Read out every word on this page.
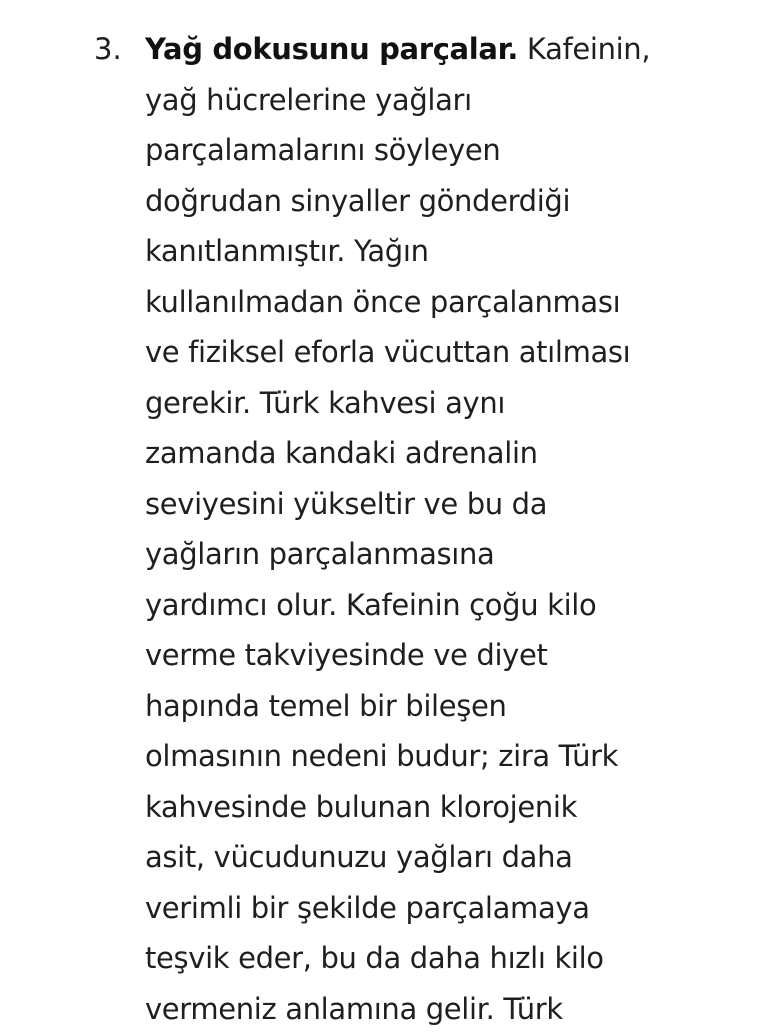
3. Yağ dokusunu parçalar. Kafeinin,
yağ hücrelerine yağları
parçalamalarını söyleyen
doğrudan sinyaller gönderdiği
kanıtlanmıştır. Yağın
kullanılmadan önce parçalanması
ve fiziksel eforla vücuttan atılması
gerekir. Türk kahvesi aynı
zamanda kandaki adrenalin
seviyesini yükseltir ve bu da
yağların parçalanmasına
yardımcı olur. Kafeinin çoğu kilo
verme takviyesinde ve diyet
hapında temel bir bileşen
olmasının nedeni budur; zira Türk
kahvesinde bulunan klorojenik
asit, vücudunuzu yağları daha
verimli bir şekilde parçalamaya
teşvik eder, bu da daha hızlı kilo
vermeniz anlamına gelir. Türk
